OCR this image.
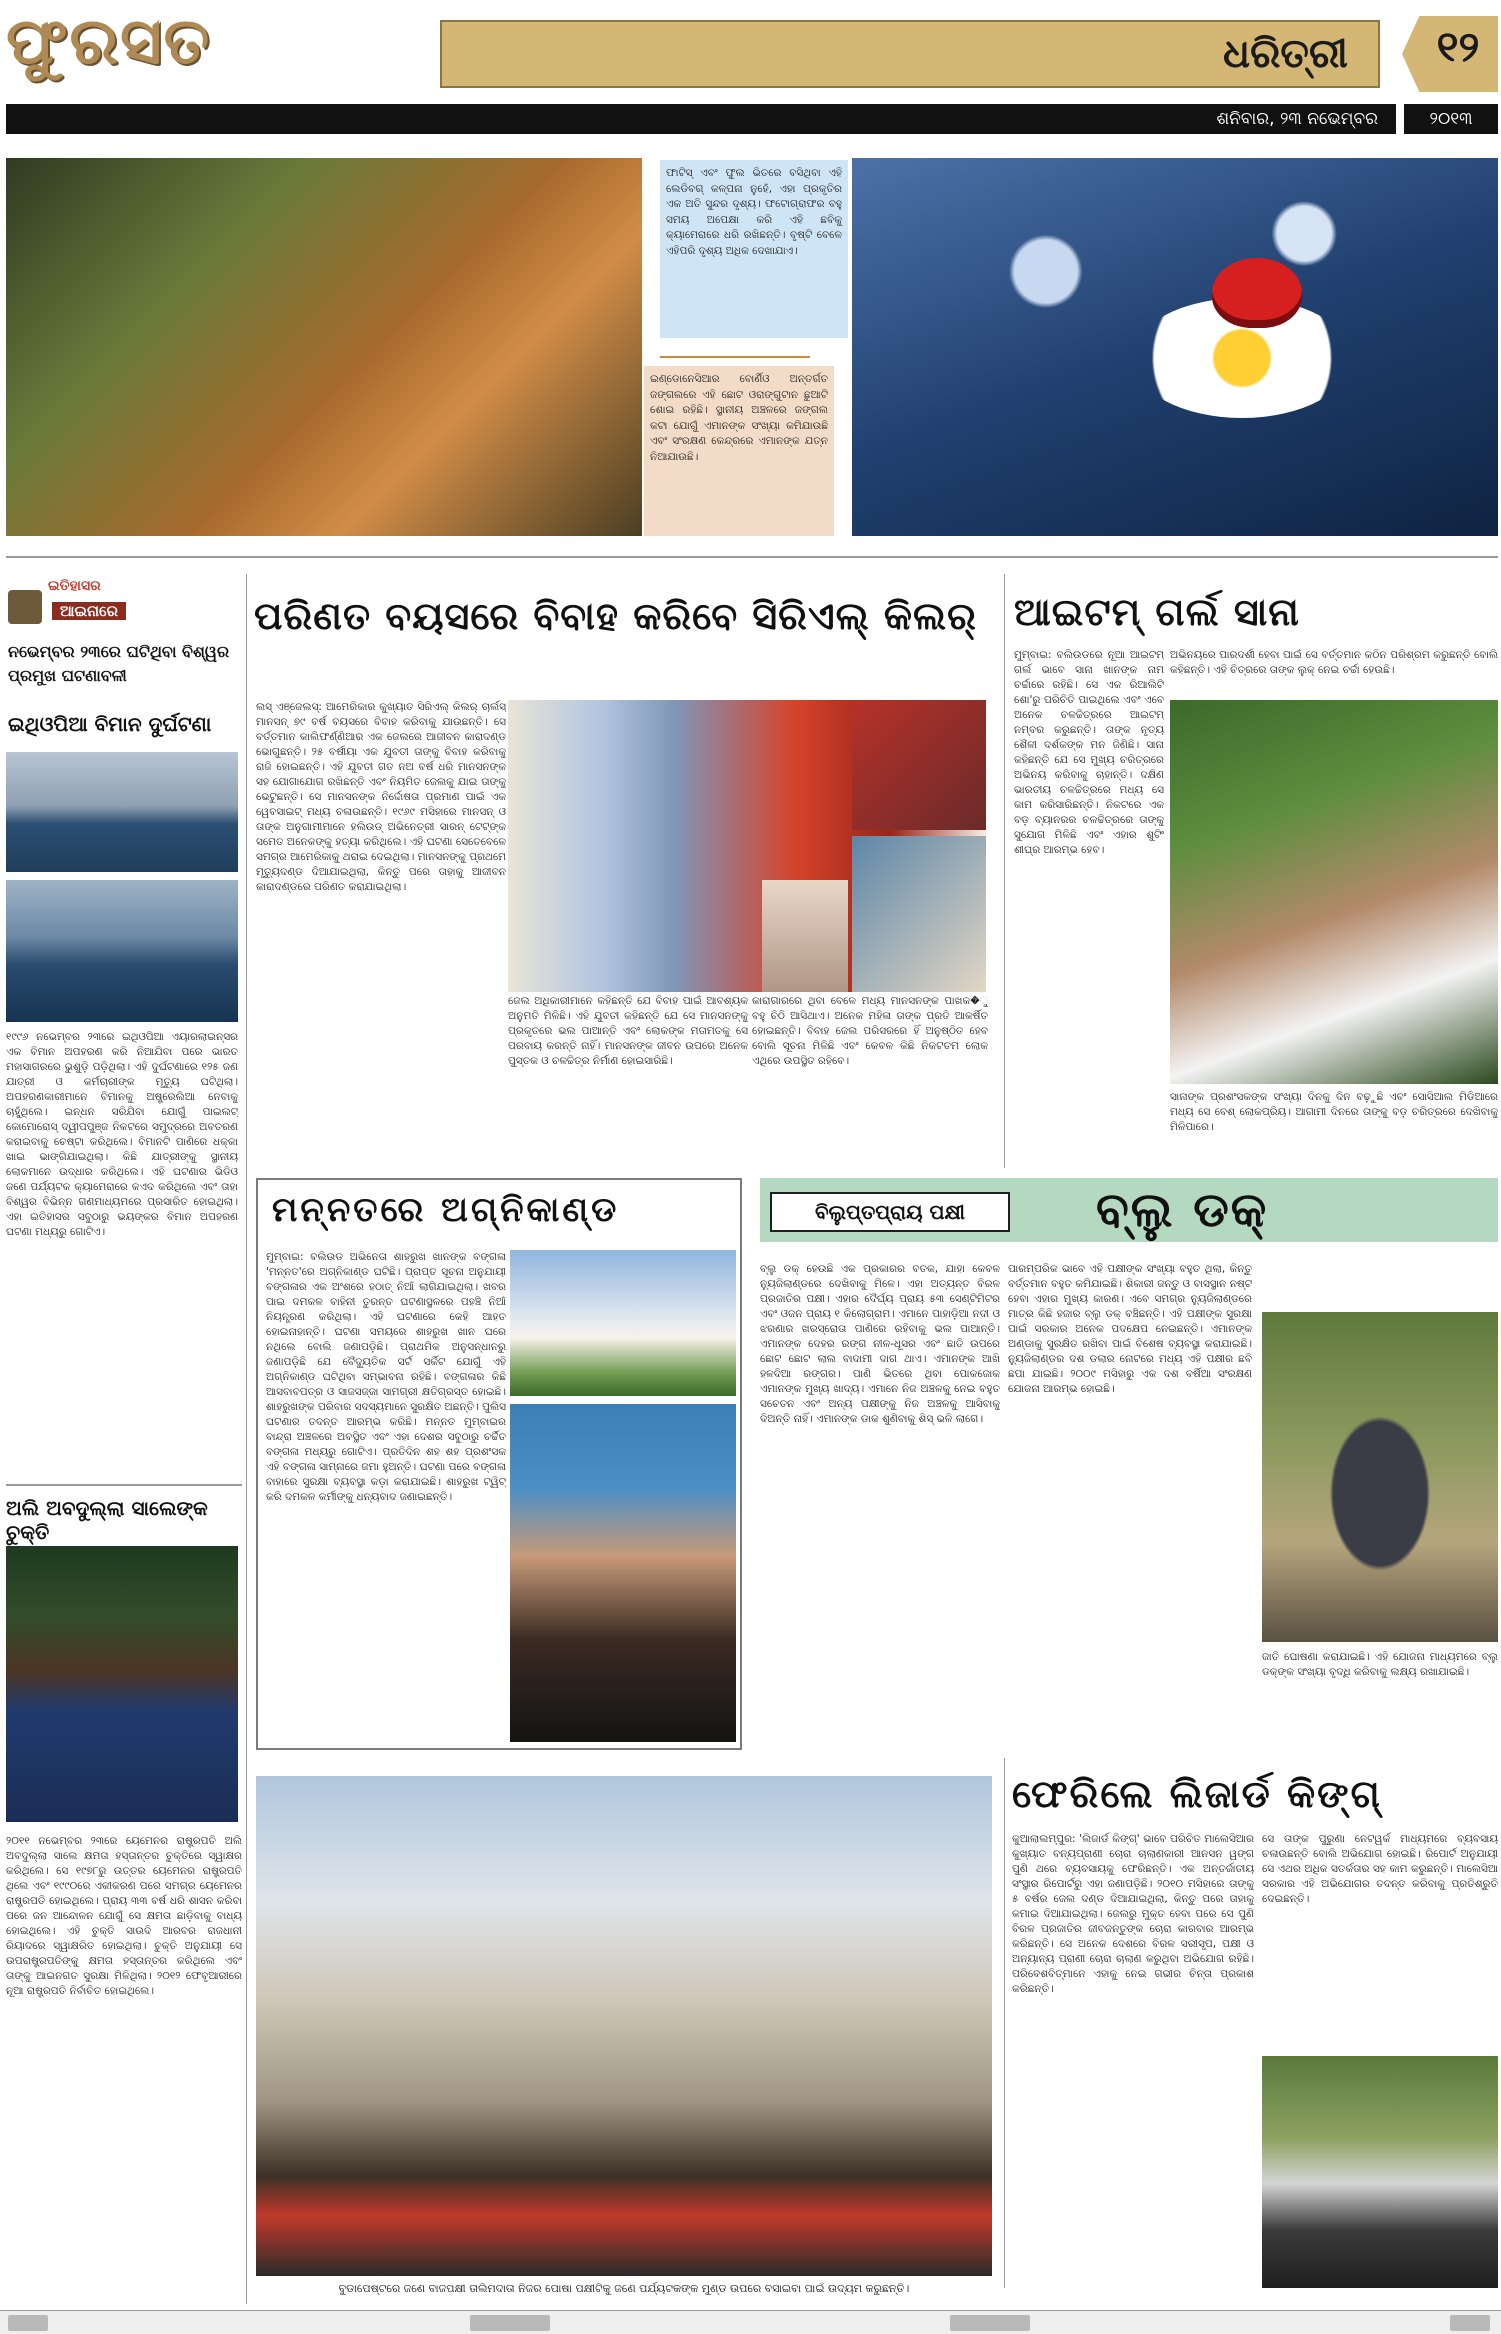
ଫୁରସତ	ଧରିତ୍ରୀ	୧୨
ଶନିବାର, ୨୩ ନଭେମ୍ବର	୨୦୧୩
ଫାଟିସ୍ ଏବଂ ଫୁଲ ଭିତରେ ବସିଥିବା ଏହି ଲେଡିବଗ୍ କଳ୍ପନା ନୁହେଁ, ଏହା ପ୍ରକୃତିର ଏକ ଅତି ସୁନ୍ଦର ଦୃଶ୍ୟ। ଫଟୋଗ୍ରାଫର ବହୁ ସମୟ ଅପେକ୍ଷା କରି ଏହି ଛବିକୁ କ୍ୟାମେରାରେ ଧରି ରଖିଛନ୍ତି। ବୃଷ୍ଟି ବେଳେ ଏହିପରି ଦୃଶ୍ୟ ଅଧିକ ଦେଖାଯାଏ।
ଇଣ୍ଡୋନେସିଆର ବୋର୍ଣିଓ ଅନ୍ତର୍ଗତ ଜଙ୍ଗଲରେ ଏହି ଛୋଟ ଓରାଙ୍ଗୁଟାନ ଛୁଆଟି ଶୋଇ ରହିଛି। ସ୍ଥାନୀୟ ଅଞ୍ଚଳରେ ଜଙ୍ଗଲ କଟା ଯୋଗୁଁ ଏମାନଙ୍କ ସଂଖ୍ୟା କମିଯାଉଛି ଏବଂ ସଂରକ୍ଷଣ କେନ୍ଦ୍ରରେ ଏମାନଙ୍କ ଯତ୍ନ ନିଆଯାଉଛି।
ଇତିହାସର
ଆଇନାରେ
ନଭେମ୍ବର ୨୩ରେ ଘଟିଥିବା ବିଶ୍ୱର ପ୍ରମୁଖ ଘଟଣାବଳୀ
ଇଥିଓପିଆ ବିମାନ ଦୁର୍ଘଟଣା
୧୯୯୬ ନଭେମ୍ବର ୨୩ରେ ଇଥିଓପିଆ ଏୟାରଲାଇନ୍ସର ଏକ ବିମାନ ଅପହରଣ କରି ନିଆଯିବା ପରେ ଭାରତ ମହାସାଗରରେ ଭୁଶୁଡ଼ି ପଡ଼ିଥିଲା। ଏହି ଦୁର୍ଘଟଣାରେ ୧୨୫ ଜଣ ଯାତ୍ରୀ ଓ କର୍ମଚାରୀଙ୍କ ମୃତ୍ୟୁ ଘଟିଥିଲା। ଅପହରଣକାରୀମାନେ ବିମାନକୁ ଅଷ୍ଟ୍ରେଲିଆ ନେବାକୁ ଚାହୁଁଥିଲେ। ଇନ୍ଧନ ସରିଯିବା ଯୋଗୁଁ ପାଇଲଟ୍ କୋମୋରୋସ୍ ଦ୍ୱୀପପୁଞ୍ଜ ନିକଟରେ ସମୁଦ୍ରରେ ଅବତରଣ କରାଇବାକୁ ଚେଷ୍ଟା କରିଥିଲେ। ବିମାନଟି ପାଣିରେ ଧକ୍କା ଖାଇ ଭାଙ୍ଗିଯାଇଥିଲା। କିଛି ଯାତ୍ରୀଙ୍କୁ ସ୍ଥାନୀୟ ଲୋକମାନେ ଉଦ୍ଧାର କରିଥିଲେ। ଏହି ଘଟଣାର ଭିଡିଓ ଜଣେ ପର୍ଯ୍ୟଟକ କ୍ୟାମେରାରେ କଏଦ କରିଥିଲେ ଏବଂ ତାହା ବିଶ୍ୱର ବିଭିନ୍ନ ଗଣମାଧ୍ୟମରେ ପ୍ରସାରିତ ହୋଇଥିଲା। ଏହା ଇତିହାସର ସବୁଠାରୁ ଭୟଙ୍କର ବିମାନ ଅପହରଣ ଘଟଣା ମଧ୍ୟରୁ ଗୋଟିଏ।
ଅଲି ଅବଦୁଲ୍ଲା ସାଲେଙ୍କ ଚୁକ୍ତି
୨୦୧୧ ନଭେମ୍ବର ୨୩ରେ ୟେମେନର ରାଷ୍ଟ୍ରପତି ଅଲି ଅବଦୁଲ୍ଲା ସାଲେ କ୍ଷମତା ହସ୍ତାନ୍ତର ଚୁକ୍ତିରେ ସ୍ୱାକ୍ଷର କରିଥିଲେ। ସେ ୧୯୭୮ରୁ ଉତ୍ତର ୟେମେନର ରାଷ୍ଟ୍ରପତି ଥିଲେ ଏବଂ ୧୯୯୦ରେ ଏକୀକରଣ ପରେ ସମଗ୍ର ୟେମେନର ରାଷ୍ଟ୍ରପତି ହୋଇଥିଲେ। ପ୍ରାୟ ୩୩ ବର୍ଷ ଧରି ଶାସନ କରିବା ପରେ ଜନ ଆନ୍ଦୋଳନ ଯୋଗୁଁ ସେ କ୍ଷମତା ଛାଡ଼ିବାକୁ ବାଧ୍ୟ ହୋଇଥିଲେ। ଏହି ଚୁକ୍ତି ସାଉଦି ଆରବର ରାଜଧାନୀ ରିୟାଦରେ ସ୍ୱାକ୍ଷରିତ ହୋଇଥିଲା। ଚୁକ୍ତି ଅନୁଯାୟୀ ସେ ଉପରାଷ୍ଟ୍ରପତିଙ୍କୁ କ୍ଷମତା ହସ୍ତାନ୍ତର କରିଥିଲେ ଏବଂ ତାଙ୍କୁ ଆଇନଗତ ସୁରକ୍ଷା ମିଳିଥିଲା। ୨୦୧୨ ଫେବୃଆରୀରେ ନୂଆ ରାଷ୍ଟ୍ରପତି ନିର୍ବାଚିତ ହୋଇଥିଲେ।
ପରିଣତ ବୟସରେ ବିବାହ କରିବେ ସିରିଏଲ୍ କିଲର୍
ଲସ୍ ଏଞ୍ଜେଲସ୍: ଆମେରିକାର କୁଖ୍ୟାତ ସିରିଏଲ୍ କିଲର୍ ଚାର୍ଲସ୍ ମାନସନ୍ ୭୯ ବର୍ଷ ବୟସରେ ବିବାହ କରିବାକୁ ଯାଉଛନ୍ତି। ସେ ବର୍ତ୍ତମାନ କାଲିଫର୍ଣ୍ଣିଆର ଏକ ଜେଲରେ ଆଜୀବନ କାରାଦଣ୍ଡ ଭୋଗୁଛନ୍ତି। ୨୫ ବର୍ଷୀୟା ଏକ ଯୁବତୀ ତାଙ୍କୁ ବିବାହ କରିବାକୁ ରାଜି ହୋଇଛନ୍ତି। ଏହି ଯୁବତୀ ଗତ ନଅ ବର୍ଷ ଧରି ମାନସନଙ୍କ ସହ ଯୋଗାଯୋଗ ରଖିଛନ୍ତି ଏବଂ ନିୟମିତ ଜେଲକୁ ଯାଇ ତାଙ୍କୁ ଭେଟୁଛନ୍ତି। ସେ ମାନସନଙ୍କ ନିର୍ଦ୍ଦୋଷତା ପ୍ରମାଣ ପାଇଁ ଏକ ୱେବସାଇଟ୍ ମଧ୍ୟ ଚଳାଉଛନ୍ତି। ୧୯୬୯ ମସିହାରେ ମାନସନ୍ ଓ ତାଙ୍କ ଅନୁଗାମୀମାନେ ହଲିଉଡ୍ ଅଭିନେତ୍ରୀ ସାରନ୍ ଟେଟ୍‌ଙ୍କ ସମେତ ଅନେକଙ୍କୁ ହତ୍ୟା କରିଥିଲେ। ଏହି ଘଟଣା ସେତେବେଳେ ସମଗ୍ର ଆମେରିକାକୁ ଥରାଇ ଦେଇଥିଲା। ମାନସନଙ୍କୁ ପ୍ରଥମେ ମୃତ୍ୟୁଦଣ୍ଡ ଦିଆଯାଇଥିଲା, କିନ୍ତୁ ପରେ ତାହାକୁ ଆଜୀବନ କାରାଦଣ୍ଡରେ ପରିଣତ କରାଯାଇଥିଲା।
ଜେଲ ଅଧିକାରୀମାନେ କହିଛନ୍ତି ଯେ ବିବାହ ପାଇଁ ଆବଶ୍ୟକ ଅନୁମତି ମିଳିଛି। ଏହି ଯୁବତୀ କହିଛନ୍ତି ଯେ ସେ ମାନସନଙ୍କୁ ପ୍ରକୃତରେ ଭଲ ପାଆନ୍ତି ଏବଂ ଲୋକଙ୍କ ମତାମତକୁ ସେ ପରବାୟ କରନ୍ତି ନାହିଁ। ମାନସନଙ୍କ ଜୀବନ ଉପରେ ଅନେକ ପୁସ୍ତକ ଓ ଚଳଚ୍ଚିତ୍ର ନିର୍ମାଣ ହୋଇସାରିଛି।
କାରାଗାରରେ ଥିବା ବେଳେ ମଧ୍ୟ ମାନସନଙ୍କ ପାଖକ�ୁ ବହୁ ଚିଠି ଆସିଥାଏ। ଅନେକ ମହିଳା ତାଙ୍କ ପ୍ରତି ଆକର୍ଷିତ ହୋଇଛନ୍ତି। ବିବାହ ଜେଲ ପରିସରରେ ହିଁ ଅନୁଷ୍ଠିତ ହେବ ବୋଲି ସୂଚନା ମିଳିଛି ଏବଂ କେବଳ କିଛି ନିକଟତମ ଲୋକ ଏଥିରେ ଉପସ୍ଥିତ ରହିବେ।
ଆଇଟମ୍ ଗର୍ଲ ସାନା
ମୁମ୍ବାଇ: ବଲିଉଡରେ ନୂଆ ଆଇଟମ୍ ଗର୍ଲ ଭାବେ ସାନା ଖାନଙ୍କ ନାମ ଚର୍ଚ୍ଚାରେ ରହିଛି। ସେ ଏକ ରିଆଲିଟି ଶୋ'ରୁ ପରିଚିତି ପାଇଥିଲେ ଏବଂ ଏବେ ଅନେକ ଚଳଚ୍ଚିତ୍ରରେ ଆଇଟମ୍ ନମ୍ବର କରୁଛନ୍ତି। ତାଙ୍କ ନୃତ୍ୟ ଶୈଳୀ ଦର୍ଶକଙ୍କ ମନ ଜିଣିଛି। ସାନା କହିଛନ୍ତି ଯେ ସେ ମୁଖ୍ୟ ଚରିତ୍ରରେ ଅଭିନୟ କରିବାକୁ ଚାହାନ୍ତି। ଦକ୍ଷିଣ ଭାରତୀୟ ଚଳଚ୍ଚିତ୍ରରେ ମଧ୍ୟ ସେ କାମ କରିସାରିଛନ୍ତି। ନିକଟରେ ଏକ ବଡ଼ ବ୍ୟାନରର ଚଳଚ୍ଚିତ୍ରରେ ତାଙ୍କୁ ସୁଯୋଗ ମିଳିଛି ଏବଂ ଏହାର ଶୁଟିଂ ଶୀଘ୍ର ଆରମ୍ଭ ହେବ।
ଅଭିନୟରେ ପାରଦର୍ଶୀ ହେବା ପାଇଁ ସେ ବର୍ତ୍ତମାନ କଠିନ ପରିଶ୍ରମ କରୁଛନ୍ତି ବୋଲି କହିଛନ୍ତି। ଏହି ଚିତ୍ରରେ ତାଙ୍କ ଲୁକ୍ ନେଇ ଚର୍ଚ୍ଚା ହେଉଛି।
ସାନାଙ୍କ ପ୍ରଶଂସକଙ୍କ ସଂଖ୍ୟା ଦିନକୁ ଦିନ ବଢ଼ୁଛି ଏବଂ ସୋସିଆଲ ମିଡିଆରେ ମଧ୍ୟ ସେ ବେଶ୍ ଲୋକପ୍ରିୟ। ଆଗାମୀ ଦିନରେ ତାଙ୍କୁ ବଡ଼ ଚରିତ୍ରରେ ଦେଖିବାକୁ ମିଳିପାରେ।
ମନ୍ନତରେ ଅଗ୍ନିକାଣ୍ଡ
ମୁମ୍ବାଇ: ବଲିଉଡ ଅଭିନେତା ଶାହରୁଖ ଖାନଙ୍କ ବଙ୍ଗଳା 'ମନ୍ନତ'ରେ ଅଗ୍ନିକାଣ୍ଡ ଘଟିଛି। ପ୍ରାପ୍ତ ସୂଚନା ଅନୁଯାୟୀ ବଙ୍ଗଳାର ଏକ ଅଂଶରେ ହଠାତ୍ ନିଆଁ ଲାଗିଯାଇଥିଲା। ଖବର ପାଇ ଦମକଳ ବାହିନୀ ତୁରନ୍ତ ଘଟଣାସ୍ଥଳରେ ପହଞ୍ଚି ନିଆଁ ନିୟନ୍ତ୍ରଣ କରିଥିଲା। ଏହି ଘଟଣାରେ କେହି ଆହତ ହୋଇନାହାନ୍ତି। ଘଟଣା ସମୟରେ ଶାହରୁଖ ଖାନ ଘରେ ନଥିଲେ ବୋଲି ଜଣାପଡ଼ିଛି। ପ୍ରାଥମିକ ଅନୁସନ୍ଧାନରୁ ଜଣାପଡ଼ିଛି ଯେ ବୈଦ୍ୟୁତିକ ସର୍ଟ ସର୍କିଟ ଯୋଗୁଁ ଏହି ଅଗ୍ନିକାଣ୍ଡ ଘଟିଥିବା ସମ୍ଭାବନା ରହିଛି। ବଙ୍ଗଳାର କିଛି ଆସବାବପତ୍ର ଓ ସାଜସଜ୍ଜା ସାମଗ୍ରୀ କ୍ଷତିଗ୍ରସ୍ତ ହୋଇଛି। ଶାହରୁଖଙ୍କ ପରିବାର ସଦସ୍ୟମାନେ ସୁରକ୍ଷିତ ଅଛନ୍ତି। ପୁଲିସ ଘଟଣାର ତଦନ୍ତ ଆରମ୍ଭ କରିଛି। ମନ୍ନତ ମୁମ୍ବାଇର ବାନ୍ଦ୍ରା ଅଞ୍ଚଳରେ ଅବସ୍ଥିତ ଏବଂ ଏହା ଦେଶର ସବୁଠାରୁ ଚର୍ଚ୍ଚିତ ବଙ୍ଗଳା ମଧ୍ୟରୁ ଗୋଟିଏ। ପ୍ରତିଦିନ ଶହ ଶହ ପ୍ରଶଂସକ ଏହି ବଙ୍ଗଳା ସାମ୍ନାରେ ଜମା ହୁଅନ୍ତି। ଘଟଣା ପରେ ବଙ୍ଗଳା ବାହାରେ ସୁରକ୍ଷା ବ୍ୟବସ୍ଥା କଡ଼ା କରାଯାଇଛି। ଶାହରୁଖ ଟ୍ୱିଟ୍ କରି ଦମକଳ କର୍ମୀଙ୍କୁ ଧନ୍ୟବାଦ ଜଣାଇଛନ୍ତି।
ବିଲୁପ୍ତପ୍ରାୟ ପକ୍ଷୀ	ବ୍ଲୁ ଡକ୍
ବ୍ଲୁ ଡକ୍ ହେଉଛି ଏକ ପ୍ରକାରର ବତକ, ଯାହା କେବଳ ନ୍ୟୁଜିଲାଣ୍ଡରେ ଦେଖିବାକୁ ମିଳେ। ଏହା ଅତ୍ୟନ୍ତ ବିରଳ ପ୍ରଜାତିର ପକ୍ଷୀ। ଏହାର ଦୈର୍ଘ୍ୟ ପ୍ରାୟ ୫୩ ସେଣ୍ଟିମିଟର ଏବଂ ଓଜନ ପ୍ରାୟ ୧ କିଲୋଗ୍ରାମ। ଏମାନେ ପାହାଡ଼ିଆ ନଦୀ ଓ ଝରଣାର ଖରସ୍ରୋତା ପାଣିରେ ରହିବାକୁ ଭଲ ପାଆନ୍ତି। ଏମାନଙ୍କ ଦେହର ରଙ୍ଗ ନୀଳ-ଧୂସର ଏବଂ ଛାତି ଉପରେ ଛୋଟ ଛୋଟ ଲାଲ ବାଦାମୀ ଦାଗ ଥାଏ। ଏମାନଙ୍କ ଆଖି ହଳଦିଆ ରଙ୍ଗର। ପାଣି ଭିତରେ ଥିବା ପୋକଜୋକ ଏମାନଙ୍କ ମୁଖ୍ୟ ଖାଦ୍ୟ। ଏମାନେ ନିଜ ଅଞ୍ଚଳକୁ ନେଇ ବହୁତ ସଚେତନ ଏବଂ ଅନ୍ୟ ପକ୍ଷୀଙ୍କୁ ନିଜ ଅଞ୍ଚଳକୁ ଆସିବାକୁ ଦିଅନ୍ତି ନାହିଁ। ଏମାନଙ୍କ ଡାକ ଶୁଣିବାକୁ ଶିସ୍ ଭଳି ଲାଗେ।
ପାରମ୍ପରିକ ଭାବେ ଏହି ପକ୍ଷୀଙ୍କ ସଂଖ୍ୟା ବହୁତ ଥିଲା, କିନ୍ତୁ ବର୍ତ୍ତମାନ ବହୁତ କମିଯାଇଛି। ଶିକାରୀ ଜନ୍ତୁ ଓ ବାସସ୍ଥାନ ନଷ୍ଟ ହେବା ଏହାର ମୁଖ୍ୟ କାରଣ। ଏବେ ସମଗ୍ର ନ୍ୟୁଜିଲାଣ୍ଡରେ ମାତ୍ର କିଛି ହଜାର ବ୍ଲୁ ଡକ୍ ବଞ୍ଚିଛନ୍ତି। ଏହି ପକ୍ଷୀଙ୍କ ସୁରକ୍ଷା ପାଇଁ ସରକାର ଅନେକ ପଦକ୍ଷେପ ନେଇଛନ୍ତି। ଏମାନଙ୍କ ଅଣ୍ଡାକୁ ସୁରକ୍ଷିତ ରଖିବା ପାଇଁ ବିଶେଷ ବ୍ୟବସ୍ଥା କରାଯାଇଛି। ନ୍ୟୁଜିଲାଣ୍ଡର ଦଶ ଡଲାର ନୋଟରେ ମଧ୍ୟ ଏହି ପକ୍ଷୀର ଛବି ଛପା ଯାଇଛି। ୨୦୦୯ ମସିହାରୁ ଏକ ଦଶ ବର୍ଷିଆ ସଂରକ୍ଷଣ ଯୋଜନା ଆରମ୍ଭ ହୋଇଛି।
ଜାତି ଘୋଷଣା କରାଯାଇଛି। ଏହି ଯୋଜନା ମାଧ୍ୟମରେ ବ୍ଲୁ ଡକ୍‌ଙ୍କ ସଂଖ୍ୟା ବୃଦ୍ଧି କରିବାକୁ ଲକ୍ଷ୍ୟ ରଖାଯାଇଛି।
ବୁଡାପେଷ୍ଟରେ ଜଣେ ବାଜପକ୍ଷୀ ତାଲିମଦାତା ନିଜର ପୋଷା ପକ୍ଷୀଟିକୁ ଜଣେ ପର୍ଯ୍ୟଟକଙ୍କ ମୁଣ୍ଡ ଉପରେ ବସାଇବା ପାଇଁ ଉଦ୍ୟମ କରୁଛନ୍ତି।
ଫେରିଲେ ଲିଜାର୍ଡ କିଙ୍ଗ୍
କୁଆଲାଲମ୍ପୁର: 'ଲିଜାର୍ଡ କିଙ୍ଗ୍' ଭାବେ ପରିଚିତ ମାଲେସିଆର କୁଖ୍ୟାତ ବନ୍ୟପ୍ରାଣୀ ଚୋରା ଚାଲାଣକାରୀ ଆନସନ ୱଙ୍ଗ ପୁଣି ଥରେ ବ୍ୟବସାୟକୁ ଫେରିଛନ୍ତି। ଏକ ଅନ୍ତର୍ଜାତୀୟ ସଂସ୍ଥାର ରିପୋର୍ଟରୁ ଏହା ଜଣାପଡ଼ିଛି। ୨୦୧୦ ମସିହାରେ ତାଙ୍କୁ ୫ ବର୍ଷର ଜେଲ ଦଣ୍ଡ ଦିଆଯାଇଥିଲା, କିନ୍ତୁ ପରେ ତାହାକୁ କମାଇ ଦିଆଯାଇଥିଲା। ଜେଲରୁ ମୁକ୍ତ ହେବା ପରେ ସେ ପୁଣି ବିରଳ ପ୍ରଜାତିର ଜୀବଜନ୍ତୁଙ୍କ ଚୋରା କାରବାର ଆରମ୍ଭ କରିଛନ୍ତି। ସେ ଅନେକ ଦେଶରେ ବିରଳ ସରୀସୃପ, ପକ୍ଷୀ ଓ ଅନ୍ୟାନ୍ୟ ପ୍ରାଣୀ ଚୋରା ଚାଲାଣ କରୁଥିବା ଅଭିଯୋଗ ରହିଛି। ପରିବେଶବିତ୍‌ମାନେ ଏହାକୁ ନେଇ ଗଭୀର ଚିନ୍ତା ପ୍ରକାଶ କରିଛନ୍ତି।
ସେ ତାଙ୍କ ପୁରୁଣା ନେଟୱର୍କ ମାଧ୍ୟମରେ ବ୍ୟବସାୟ ଚଳାଉଛନ୍ତି ବୋଲି ଅଭିଯୋଗ ହୋଇଛି। ରିପୋର୍ଟ ଅନୁଯାୟୀ ସେ ଏଥର ଅଧିକ ସତର୍କତାର ସହ କାମ କରୁଛନ୍ତି। ମାଲେସିଆ ସରକାର ଏହି ଅଭିଯୋଗର ତଦନ୍ତ କରିବାକୁ ପ୍ରତିଶ୍ରୁତି ଦେଇଛନ୍ତି।
